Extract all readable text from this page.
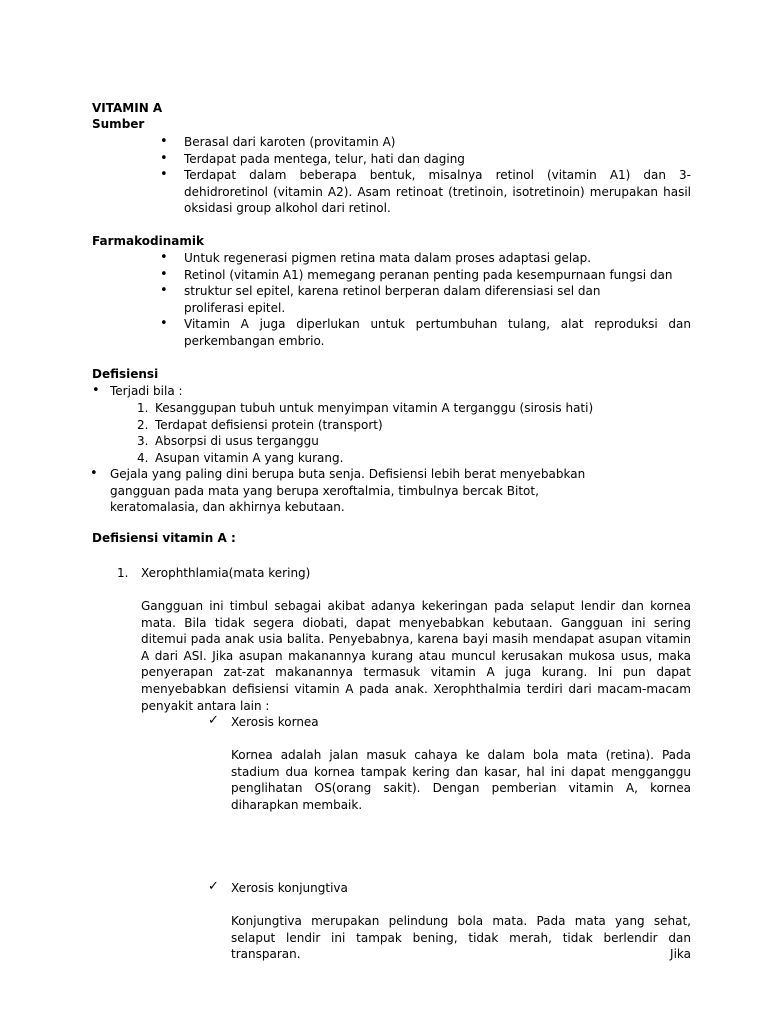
VITAMIN A
Sumber
• Berasal dari karoten (provitamin A)
• Terdapat pada mentega, telur, hati dan daging
• Terdapat dalam beberapa bentuk, misalnya retinol (vitamin A1) dan 3- dehidroretinol (vitamin A2). Asam retinoat (tretinoin, isotretinoin) merupakan hasil oksidasi group alkohol dari retinol.
Farmakodinamik
• Untuk regenerasi pigmen retina mata dalam proses adaptasi gelap.
• Retinol (vitamin A1) memegang peranan penting pada kesempurnaan fungsi dan
• struktur sel epitel, karena retinol berperan dalam diferensiasi sel dan proliferasi epitel.
• Vitamin A juga diperlukan untuk pertumbuhan tulang, alat reproduksi dan perkembangan embrio.
Defisiensi
• Terjadi bila :
1. Kesanggupan tubuh untuk menyimpan vitamin A terganggu (sirosis hati)
2. Terdapat defisiensi protein (transport)
3. Absorpsi di usus terganggu
4. Asupan vitamin A yang kurang.
• Gejala yang paling dini berupa buta senja. Defisiensi lebih berat menyebabkan gangguan pada mata yang berupa xeroftalmia, timbulnya bercak Bitot, keratomalasia, dan akhirnya kebutaan.
Defisiensi vitamin A :
1. Xerophthlamia(mata kering)
Gangguan ini timbul sebagai akibat adanya kekeringan pada selaput lendir dan kornea mata. Bila tidak segera diobati, dapat menyebabkan kebutaan. Gangguan ini sering ditemui pada anak usia balita. Penyebabnya, karena bayi masih mendapat asupan vitamin A dari ASI. Jika asupan makanannya kurang atau muncul kerusakan mukosa usus, maka penyerapan zat-zat makanannya termasuk vitamin A juga kurang. Ini pun dapat menyebabkan defisiensi vitamin A pada anak. Xerophthalmia terdiri dari macam-macam penyakit antara lain :
✓ Xerosis kornea
Kornea adalah jalan masuk cahaya ke dalam bola mata (retina). Pada stadium dua kornea tampak kering dan kasar, hal ini dapat mengganggu penglihatan OS(orang sakit). Dengan pemberian vitamin A, kornea diharapkan membaik.
✓ Xerosis konjungtiva
Konjungtiva merupakan pelindung bola mata. Pada mata yang sehat, selaput lendir ini tampak bening, tidak merah, tidak berlendir dan transparan. Jika
